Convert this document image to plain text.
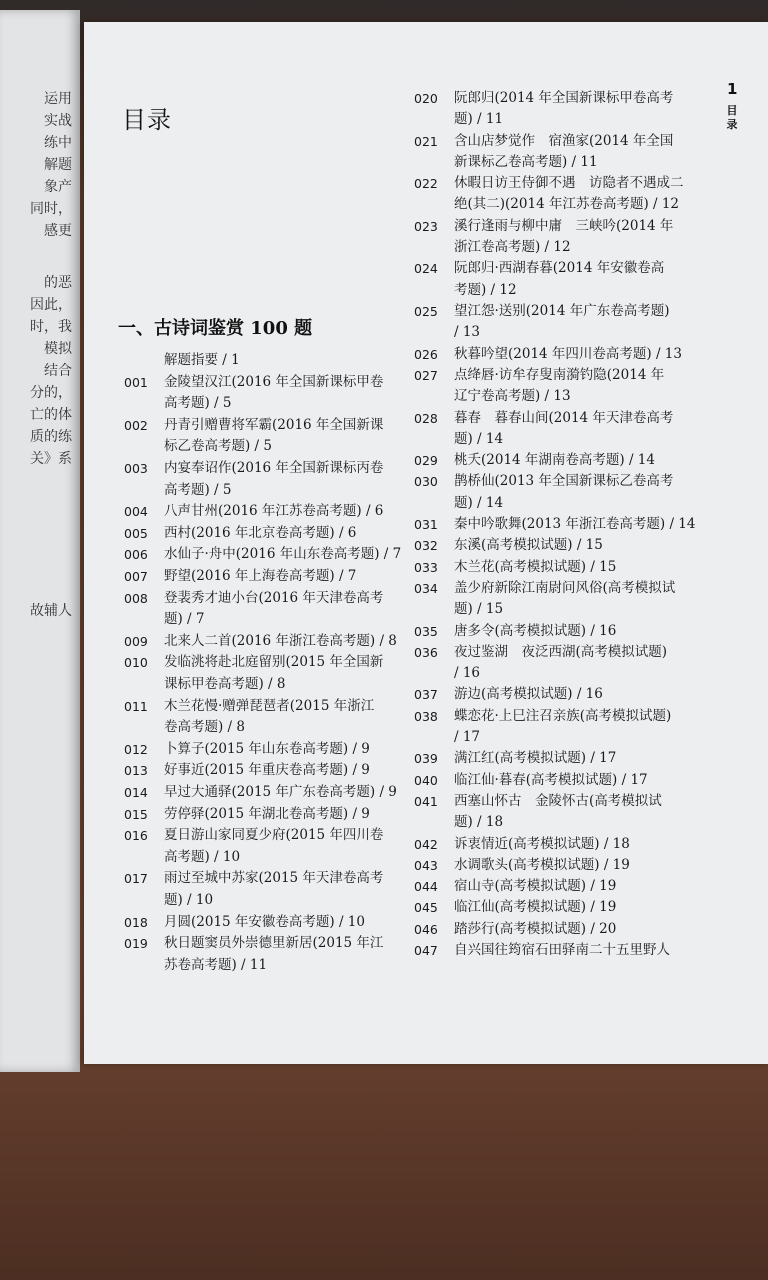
运用
实战
练中
解题
象产
同时，
感更
的恶
因此，
时，我
模拟
结合
分的，
亡的体
质的练
关》系
故辅人
1
目录
目录
一、古诗词鉴赏 100 题
解题指要 / 1
001	金陵望汉江(2016 年全国新课标甲卷
高考题) / 5
002	丹青引赠曹将军霸(2016 年全国新课
标乙卷高考题) / 5
003	内宴奉诏作(2016 年全国新课标丙卷
高考题) / 5
004	八声甘州(2016 年江苏卷高考题) / 6
005	西村(2016 年北京卷高考题) / 6
006	水仙子·舟中(2016 年山东卷高考题) / 7
007	野望(2016 年上海卷高考题) / 7
008	登裴秀才迪小台(2016 年天津卷高考
题) / 7
009	北来人二首(2016 年浙江卷高考题) / 8
010	发临洮将赴北庭留别(2015 年全国新
课标甲卷高考题) / 8
011	木兰花慢·赠弹琵琶者(2015 年浙江
卷高考题) / 8
012	卜算子(2015 年山东卷高考题) / 9
013	好事近(2015 年重庆卷高考题) / 9
014	早过大通驿(2015 年广东卷高考题) / 9
015	劳停驿(2015 年湖北卷高考题) / 9
016	夏日游山家同夏少府(2015 年四川卷
高考题) / 10
017	雨过至城中苏家(2015 年天津卷高考
题) / 10
018	月圆(2015 年安徽卷高考题) / 10
019	秋日题窦员外崇德里新居(2015 年江
苏卷高考题) / 11
020	阮郎归(2014 年全国新课标甲卷高考
题) / 11
021	含山店梦觉作　宿渔家(2014 年全国
新课标乙卷高考题) / 11
022	休暇日访王侍御不遇　访隐者不遇成二
绝(其二)(2014 年江苏卷高考题) / 12
023	溪行逢雨与柳中庸　三峡吟(2014 年
浙江卷高考题) / 12
024	阮郎归·西湖春暮(2014 年安徽卷高
考题) / 12
025	望江怨·送别(2014 年广东卷高考题)
/ 13
026	秋暮吟望(2014 年四川卷高考题) / 13
027	点绛唇·访牟存叟南漪钓隐(2014 年
辽宁卷高考题) / 13
028	暮春　暮春山间(2014 年天津卷高考
题) / 14
029	桃夭(2014 年湖南卷高考题) / 14
030	鹊桥仙(2013 年全国新课标乙卷高考
题) / 14
031	秦中吟歌舞(2013 年浙江卷高考题) / 14
032	东溪(高考模拟试题) / 15
033	木兰花(高考模拟试题) / 15
034	盖少府新除江南尉问风俗(高考模拟试
题) / 15
035	唐多令(高考模拟试题) / 16
036	夜过鉴湖　夜泛西湖(高考模拟试题)
/ 16
037	游边(高考模拟试题) / 16
038	蝶恋花·上巳注召亲族(高考模拟试题)
/ 17
039	满江红(高考模拟试题) / 17
040	临江仙·暮春(高考模拟试题) / 17
041	西塞山怀古　金陵怀古(高考模拟试
题) / 18
042	诉衷情近(高考模拟试题) / 18
043	水调歌头(高考模拟试题) / 19
044	宿山寺(高考模拟试题) / 19
045	临江仙(高考模拟试题) / 19
046	踏莎行(高考模拟试题) / 20
047	自兴国往筠宿石田驿南二十五里野人
